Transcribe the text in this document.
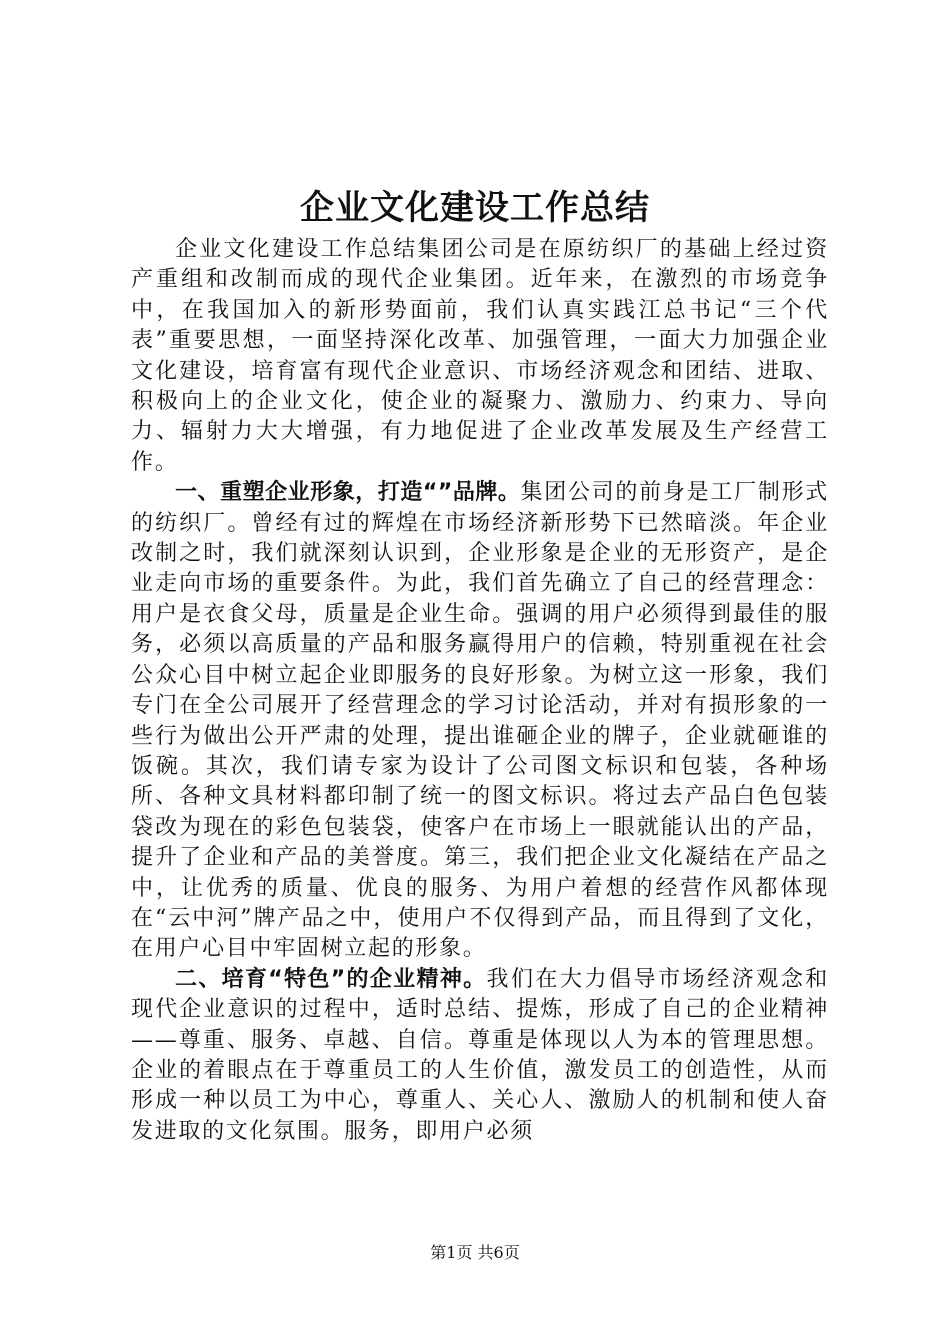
企业文化建设工作总结

企业文化建设工作总结集团公司是在原纺织厂的基础上经过资产重组和改制而成的现代企业集团。近年来，在激烈的市场竞争中，在我国加入的新形势面前，我们认真实践江总书记“三个代表”重要思想，一面坚持深化改革、加强管理，一面大力加强企业文化建设，培育富有现代企业意识、市场经济观念和团结、进取、积极向上的企业文化，使企业的凝聚力、激励力、约束力、导向力、辐射力大大增强，有力地促进了企业改革发展及生产经营工作。

一、重塑企业形象，打造“”品牌。集团公司的前身是工厂制形式的纺织厂。曾经有过的辉煌在市场经济新形势下已然暗淡。年企业改制之时，我们就深刻认识到，企业形象是企业的无形资产，是企业走向市场的重要条件。为此，我们首先确立了自己的经营理念：用户是衣食父母，质量是企业生命。强调的用户必须得到最佳的服务，必须以高质量的产品和服务赢得用户的信赖，特别重视在社会公众心目中树立起企业即服务的良好形象。为树立这一形象，我们专门在全公司展开了经营理念的学习讨论活动，并对有损形象的一些行为做出公开严肃的处理，提出谁砸企业的牌子，企业就砸谁的饭碗。其次，我们请专家为设计了公司图文标识和包装，各种场所、各种文具材料都印制了统一的图文标识。将过去产品白色包装袋改为现在的彩色包装袋，使客户在市场上一眼就能认出的产品，提升了企业和产品的美誉度。第三，我们把企业文化凝结在产品之中，让优秀的质量、优良的服务、为用户着想的经营作风都体现在“云中河”牌产品之中，使用户不仅得到产品，而且得到了文化，在用户心目中牢固树立起的形象。

二、培育“特色”的企业精神。我们在大力倡导市场经济观念和现代企业意识的过程中，适时总结、提炼，形成了自己的企业精神——尊重、服务、卓越、自信。尊重是体现以人为本的管理思想。企业的着眼点在于尊重员工的人生价值，激发员工的创造性，从而形成一种以员工为中心，尊重人、关心人、激励人的机制和使人奋发进取的文化氛围。服务，即用户必须

第1页 共6页
